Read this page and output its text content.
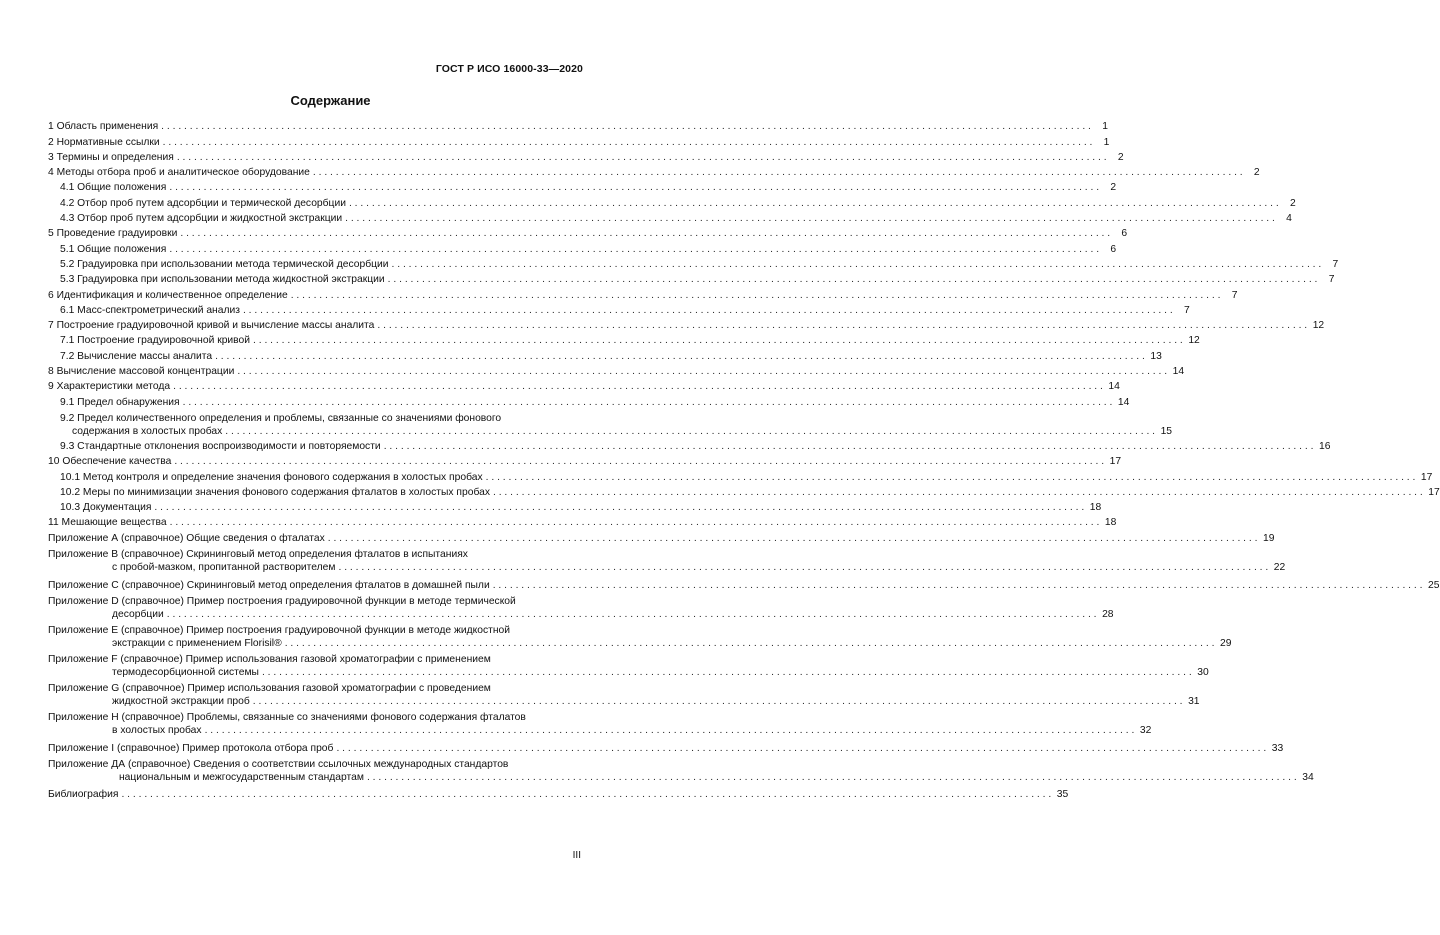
ГОСТ Р ИСО 16000-33—2020
Содержание
1 Область применения . . .	1
2 Нормативные ссылки . . .	1
3 Термины и определения . . .	2
4 Методы отбора проб и аналитическое оборудование . . .	2
4.1 Общие положения . . .	2
4.2 Отбор проб путем адсорбции и термической десорбции . . .	2
4.3 Отбор проб путем адсорбции и жидкостной экстракции . . .	4
5 Проведение градуировки . . .	6
5.1 Общие положения . . .	6
5.2 Градуировка при использовании метода термической десорбции . . .	7
5.3 Градуировка при использовании метода жидкостной экстракции . . .	7
6 Идентификация и количественное определение . . .	7
6.1 Масс-спектрометрический анализ . . .	7
7 Построение градуировочной кривой и вычисление массы аналита . . .	12
7.1 Построение градуировочной кривой . . .	12
7.2 Вычисление массы аналита . . .	13
8 Вычисление массовой концентрации . . .	14
9 Характеристики метода . . .	14
9.1 Предел обнаружения . . .	14
9.2 Предел количественного определения и проблемы, связанные со значениями фонового
содержания в холостых пробах . . .	15
9.3 Стандартные отклонения воспроизводимости и повторяемости . . .	16
10 Обеспечение качества . . .	17
10.1 Метод контроля и определение значения фонового содержания в холостых пробах . . .	17
10.2 Меры по минимизации значения фонового содержания фталатов в холостых пробах . . .	17
10.3 Документация . . .	18
11 Мешающие вещества . . .	18
Приложение А (справочное) Общие сведения о фталатах . . .	19
Приложение В (справочное) Скрининговый метод определения фталатов в испытаниях
с пробой-мазком, пропитанной растворителем . . .	22
Приложение С (справочное) Скрининговый метод определения фталатов в домашней пыли . . .	25
Приложение D (справочное) Пример построения градуировочной функции в методе термической
десорбции . . .	28
Приложение Е (справочное) Пример построения градуировочной функции в методе жидкостной
экстракции с применением Florisil® . . .	29
Приложение F (справочное) Пример использования газовой хроматографии с применением
термодесорбционной системы . . .	30
Приложение G (справочное) Пример использования газовой хроматографии с проведением
жидкостной экстракции проб . . .	31
Приложение Н (справочное) Проблемы, связанные со значениями фонового содержания фталатов
в холостых пробах . . .	32
Приложение I (справочное) Пример протокола отбора проб . . .	33
Приложение ДА (справочное) Сведения о соответствии ссылочных международных стандартов
национальным и межгосударственным стандартам . . .	34
Библиография . . .	35
III
